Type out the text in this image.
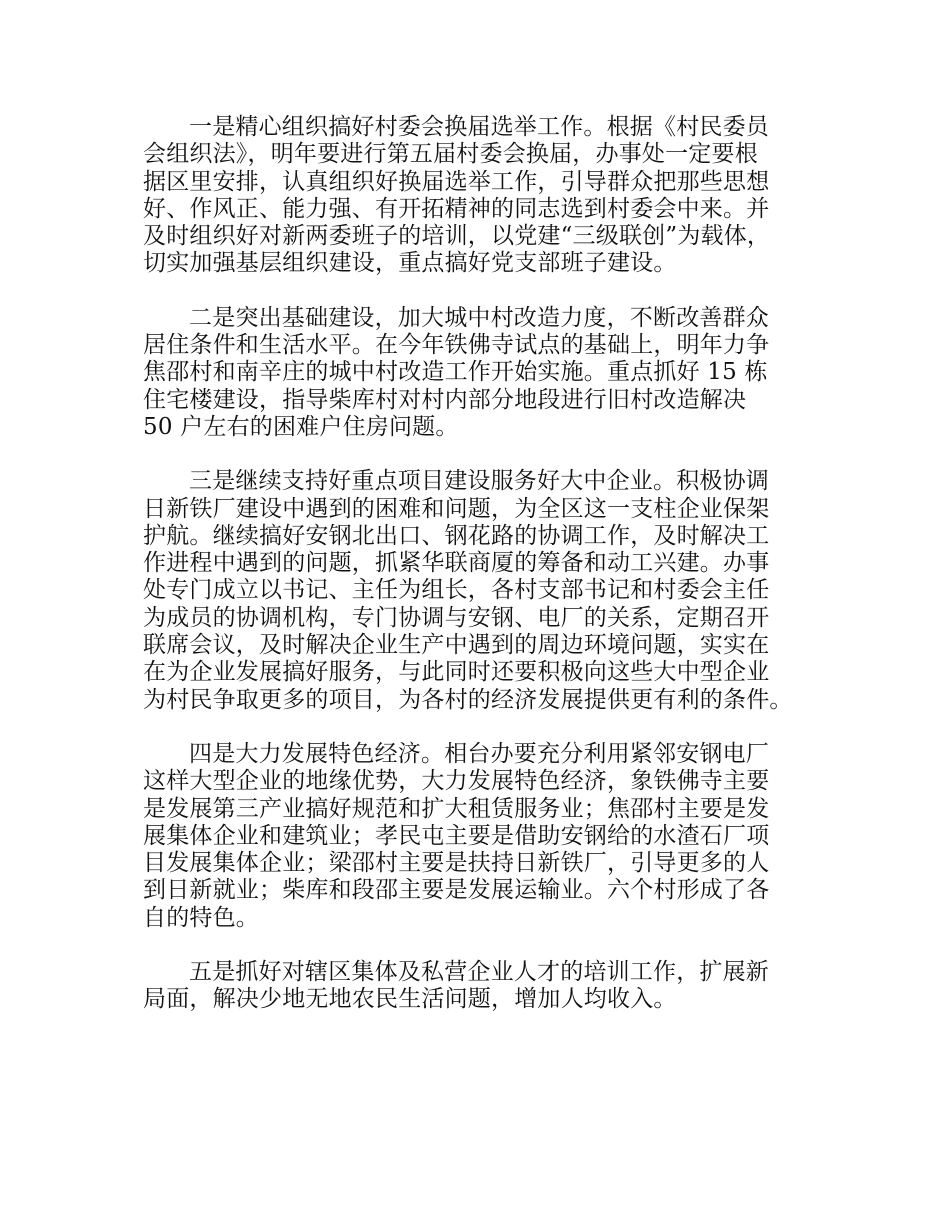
一是精心组织搞好村委会换届选举工作。根据《村民委员
会组织法》，明年要进行第五届村委会换届，办事处一定要根
据区里安排，认真组织好换届选举工作，引导群众把那些思想
好、作风正、能力强、有开拓精神的同志选到村委会中来。并
及时组织好对新两委班子的培训，以党建“三级联创”为载体，
切实加强基层组织建设，重点搞好党支部班子建设。

二是突出基础建设，加大城中村改造力度，不断改善群众
居住条件和生活水平。在今年铁佛寺试点的基础上，明年力争
焦邵村和南辛庄的城中村改造工作开始实施。重点抓好 15 栋
住宅楼建设，指导柴库村对村内部分地段进行旧村改造解决
50 户左右的困难户住房问题。

三是继续支持好重点项目建设服务好大中企业。积极协调
日新铁厂建设中遇到的困难和问题，为全区这一支柱企业保架
护航。继续搞好安钢北出口、钢花路的协调工作，及时解决工
作进程中遇到的问题，抓紧华联商厦的筹备和动工兴建。办事
处专门成立以书记、主任为组长，各村支部书记和村委会主任
为成员的协调机构，专门协调与安钢、电厂的关系，定期召开
联席会议，及时解决企业生产中遇到的周边环境问题，实实在
在为企业发展搞好服务，与此同时还要积极向这些大中型企业
为村民争取更多的项目，为各村的经济发展提供更有利的条件。

四是大力发展特色经济。相台办要充分利用紧邻安钢电厂
这样大型企业的地缘优势，大力发展特色经济，象铁佛寺主要
是发展第三产业搞好规范和扩大租赁服务业；焦邵村主要是发
展集体企业和建筑业；孝民屯主要是借助安钢给的水渣石厂项
目发展集体企业；梁邵村主要是扶持日新铁厂，引导更多的人
到日新就业；柴库和段邵主要是发展运输业。六个村形成了各
自的特色。

五是抓好对辖区集体及私营企业人才的培训工作，扩展新
局面，解决少地无地农民生活问题，增加人均收入。
